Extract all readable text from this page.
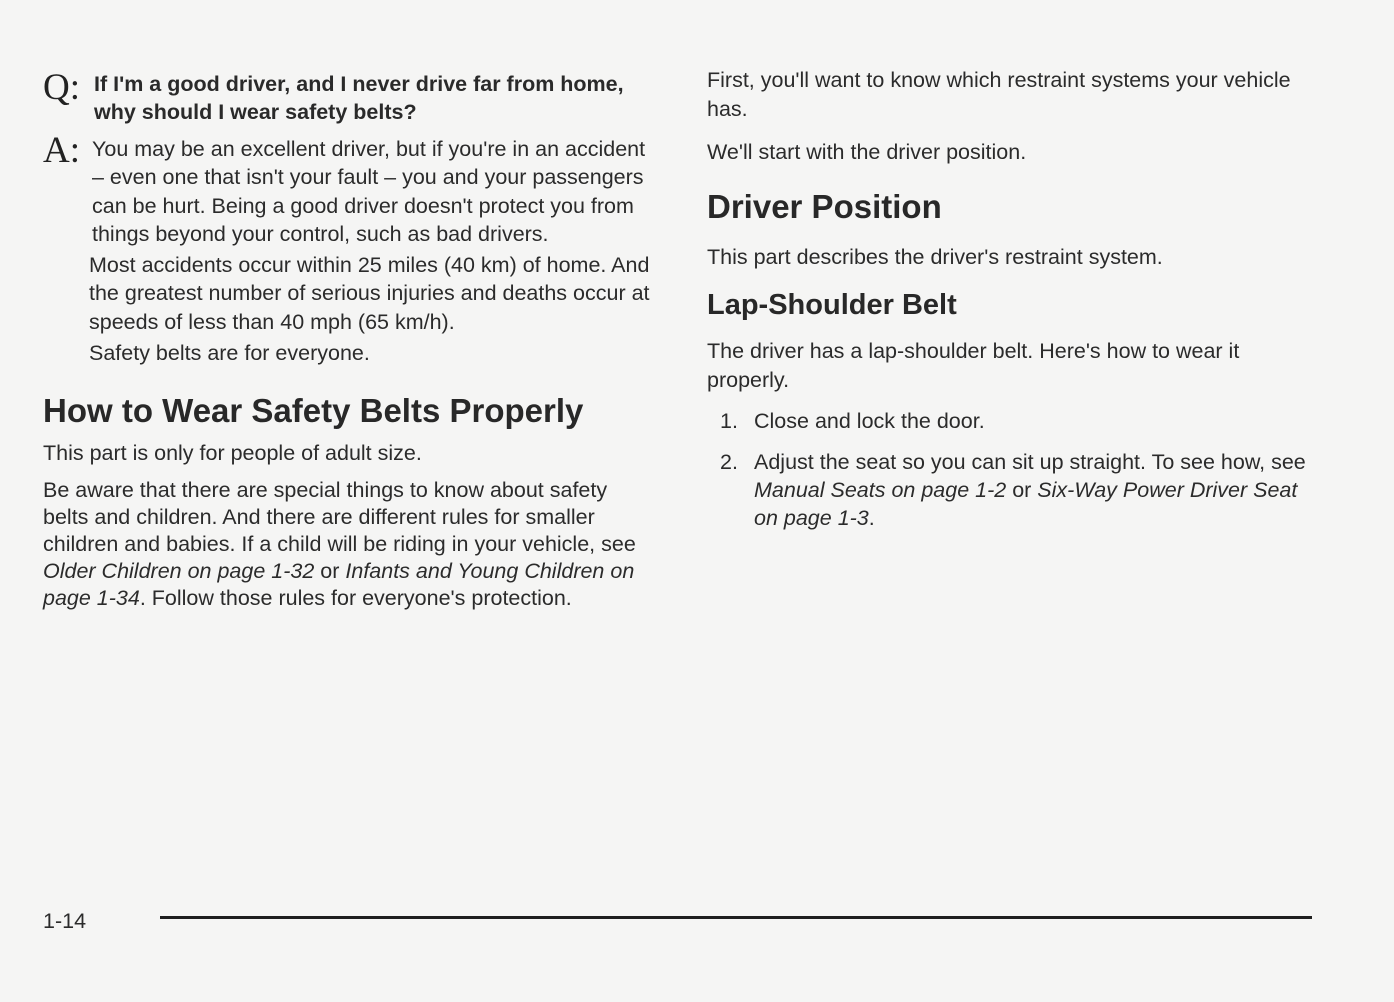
Q: If I'm a good driver, and I never drive far from home, why should I wear safety belts?
A: You may be an excellent driver, but if you're in an accident – even one that isn't your fault – you and your passengers can be hurt. Being a good driver doesn't protect you from things beyond your control, such as bad drivers.

Most accidents occur within 25 miles (40 km) of home. And the greatest number of serious injuries and deaths occur at speeds of less than 40 mph (65 km/h).

Safety belts are for everyone.

How to Wear Safety Belts Properly

This part is only for people of adult size.

Be aware that there are special things to know about safety belts and children. And there are different rules for smaller children and babies. If a child will be riding in your vehicle, see Older Children on page 1-32 or Infants and Young Children on page 1-34. Follow those rules for everyone's protection.

First, you'll want to know which restraint systems your vehicle has.

We'll start with the driver position.

Driver Position

This part describes the driver's restraint system.

Lap-Shoulder Belt

The driver has a lap-shoulder belt. Here's how to wear it properly.

1. Close and lock the door.
2. Adjust the seat so you can sit up straight. To see how, see Manual Seats on page 1-2 or Six-Way Power Driver Seat on page 1-3.
1-14
